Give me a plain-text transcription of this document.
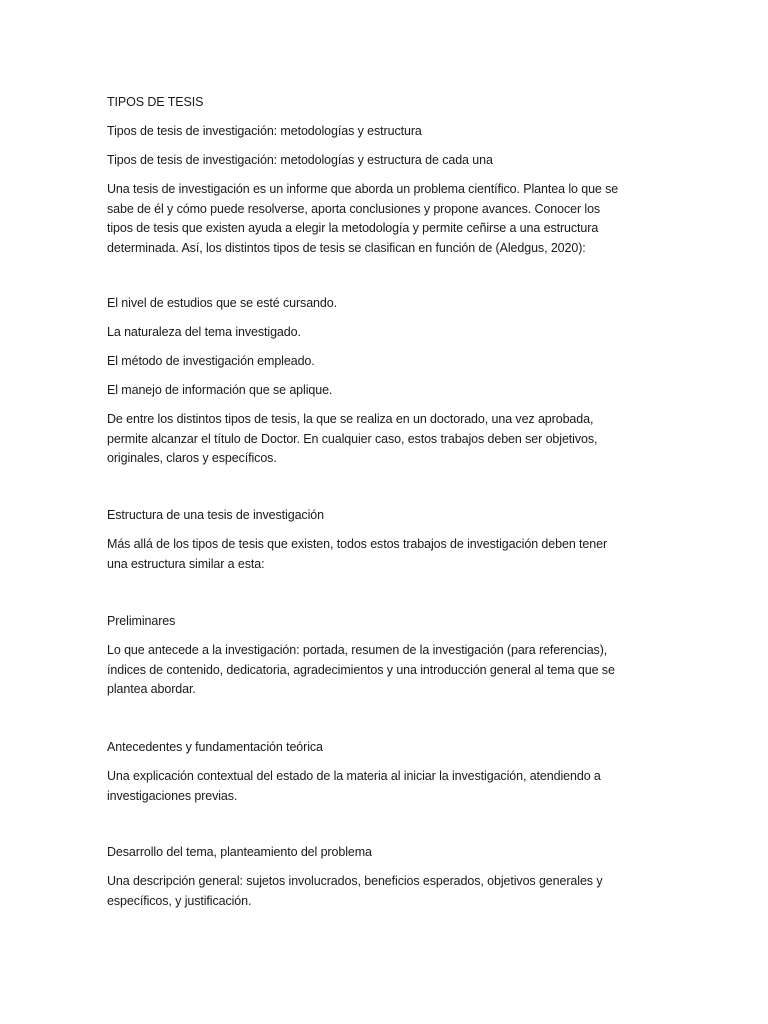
TIPOS DE TESIS

Tipos de tesis de investigación: metodologías y estructura

Tipos de tesis de investigación: metodologías y estructura de cada una

Una tesis de investigación es un informe que aborda un problema científico. Plantea lo que se sabe de él y cómo puede resolverse, aporta conclusiones y propone avances. Conocer los tipos de tesis que existen ayuda a elegir la metodología y permite ceñirse a una estructura determinada. Así, los distintos tipos de tesis se clasifican en función de (Aledgus, 2020):

El nivel de estudios que se esté cursando.

La naturaleza del tema investigado.

El método de investigación empleado.

El manejo de información que se aplique.

De entre los distintos tipos de tesis, la que se realiza en un doctorado, una vez aprobada, permite alcanzar el título de Doctor. En cualquier caso, estos trabajos deben ser objetivos, originales, claros y específicos.

Estructura de una tesis de investigación

Más allá de los tipos de tesis que existen, todos estos trabajos de investigación deben tener una estructura similar a esta:

Preliminares

Lo que antecede a la investigación: portada, resumen de la investigación (para referencias), índices de contenido, dedicatoria, agradecimientos y una introducción general al tema que se plantea abordar.

Antecedentes y fundamentación teórica

Una explicación contextual del estado de la materia al iniciar la investigación, atendiendo a investigaciones previas.

Desarrollo del tema, planteamiento del problema

Una descripción general: sujetos involucrados, beneficios esperados, objetivos generales y específicos, y justificación.
